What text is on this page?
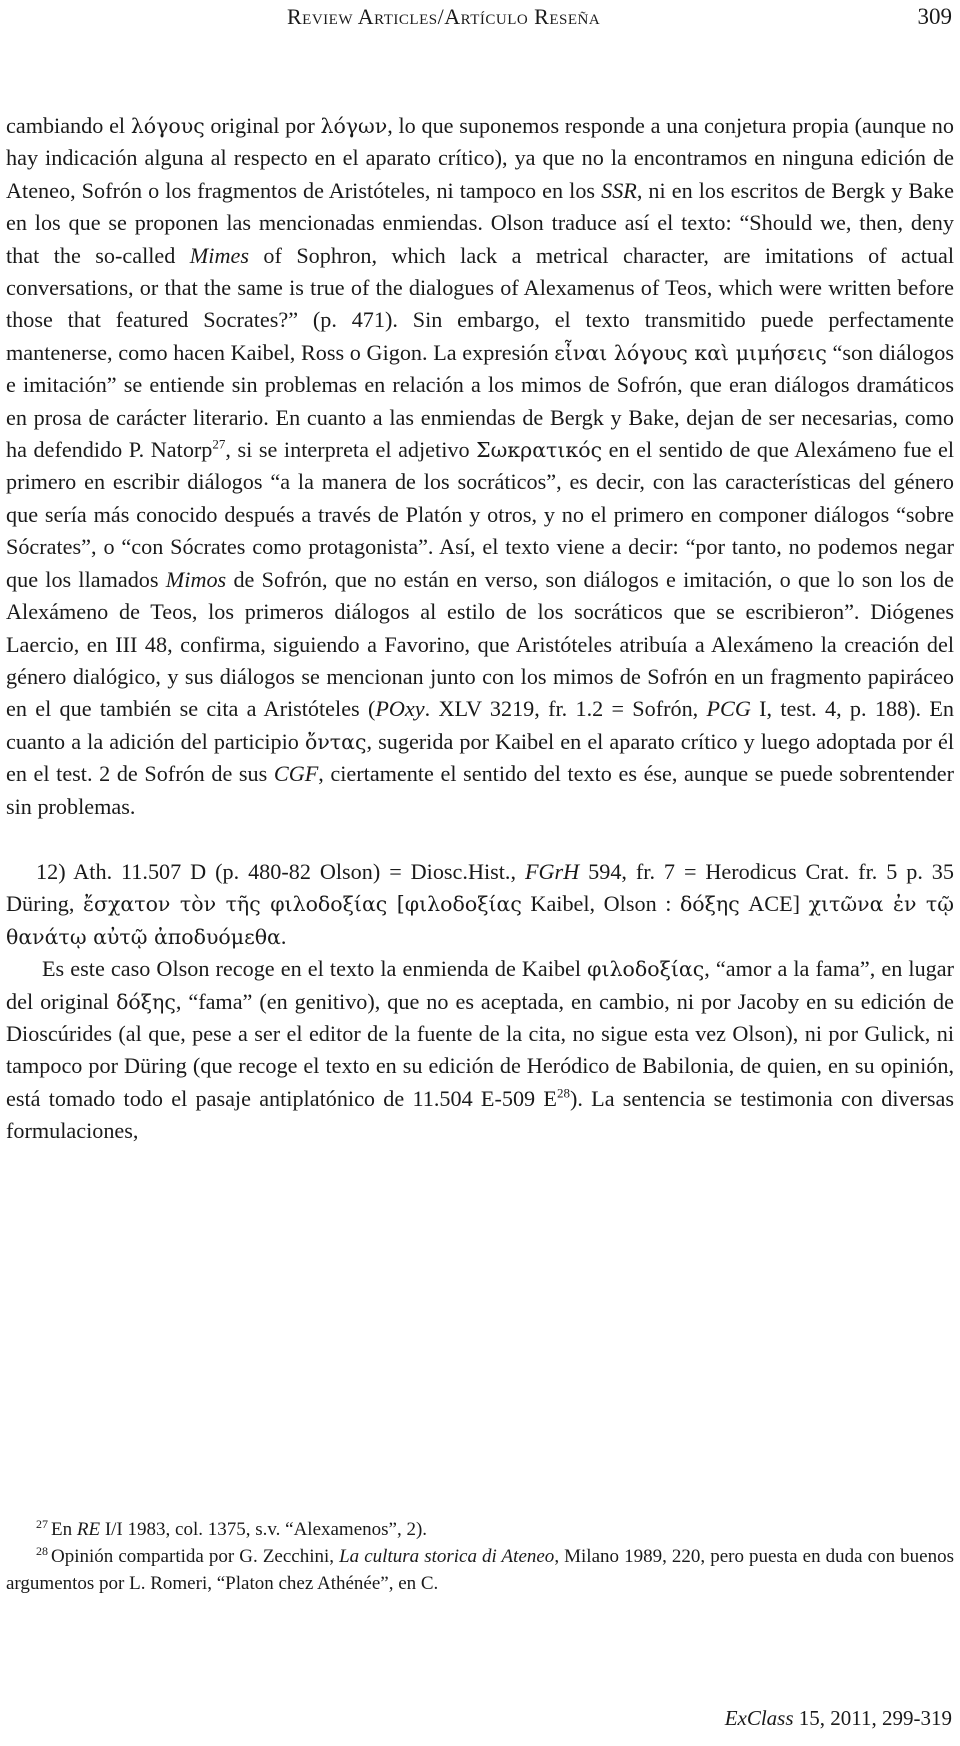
Review Articles/Artículo Reseña	309

cambiando el λόγους original por λόγων, lo que suponemos responde a una conjetura propia (aunque no hay indicación alguna al respecto en el aparato crítico), ya que no la encontramos en ninguna edición de Ateneo, Sofrón o los fragmentos de Aristóteles, ni tampoco en los SSR, ni en los escritos de Bergk y Bake en los que se proponen las mencionadas enmiendas. Olson traduce así el texto: “Should we, then, deny that the so-called Mimes of Sophron, which lack a metrical character, are imitations of actual conversations, or that the same is true of the dialogues of Alexamenus of Teos, which were written before those that featured Socrates?” (p. 471). Sin embargo, el texto transmitido puede perfectamente mantenerse, como hacen Kaibel, Ross o Gigon. La expresión εἶναι λόγους καὶ μιμήσεις “son diálogos e imitación” se entiende sin problemas en relación a los mimos de Sofrón, que eran diálogos dramáticos en prosa de carácter literario. En cuanto a las enmiendas de Bergk y Bake, dejan de ser necesarias, como ha defendido P. Natorp$^{27}$, si se interpreta el adjetivo Σωκρατικός en el sentido de que Alexámeno fue el primero en escribir diálogos “a la manera de los socráticos”, es decir, con las características del género que sería más conocido después a través de Platón y otros, y no el primero en componer diálogos “sobre Sócrates”, o “con Sócrates como protagonista”. Así, el texto viene a decir: “por tanto, no podemos negar que los llamados Mimos de Sofrón, que no están en verso, son diálogos e imitación, o que lo son los de Alexámeno de Teos, los primeros diálogos al estilo de los socráticos que se escribieron”. Diógenes Laercio, en III 48, confirma, siguiendo a Favorino, que Aristóteles atribuía a Alexámeno la creación del género dialógico, y sus diálogos se mencionan junto con los mimos de Sofrón en un fragmento papiráceo en el que también se cita a Aristóteles (POxy. XLV 3219, fr. 1.2 = Sofrón, PCG I, test. 4, p. 188). En cuanto a la adición del participio ὄντας, sugerida por Kaibel en el aparato crítico y luego adoptada por él en el test. 2 de Sofrón de sus CGF, ciertamente el sentido del texto es ése, aunque se puede sobrentender sin problemas.

12) Ath. 11.507 D (p. 480-82 Olson) = Diosc.Hist., FGrH 594, fr. 7 = Herodicus Crat. fr. 5 p. 35 Düring, ἔσχατον τὸν τῆς φιλοδοξίας [φιλοδοξίας Kaibel, Olson : δόξης ACE] χιτῶνα ἐν τῷ θανάτῳ αὐτῷ ἀποδυόμεθα.

Es este caso Olson recoge en el texto la enmienda de Kaibel φιλοδοξίας, “amor a la fama”, en lugar del original δόξης, “fama” (en genitivo), que no es aceptada, en cambio, ni por Jacoby en su edición de Dioscúrides (al que, pese a ser el editor de la fuente de la cita, no sigue esta vez Olson), ni por Gulick, ni tampoco por Düring (que recoge el texto en su edición de Heródico de Babilonia, de quien, en su opinión, está tomado todo el pasaje antiplatónico de 11.504 E-509 $E^{28}$). La sentencia se testimonia con diversas formulaciones,

$^{27}$ En RE I/I 1983, col. 1375, s.v. “Alexamenos”, 2).

$^{28}$ Opinión compartida por G. Zecchini, La cultura storica di Ateneo, Milano 1989, 220, pero puesta en duda con buenos argumentos por L. Romeri, “Platon chez Athénée”, en C.

ExClass 15, 2011, 299-319
